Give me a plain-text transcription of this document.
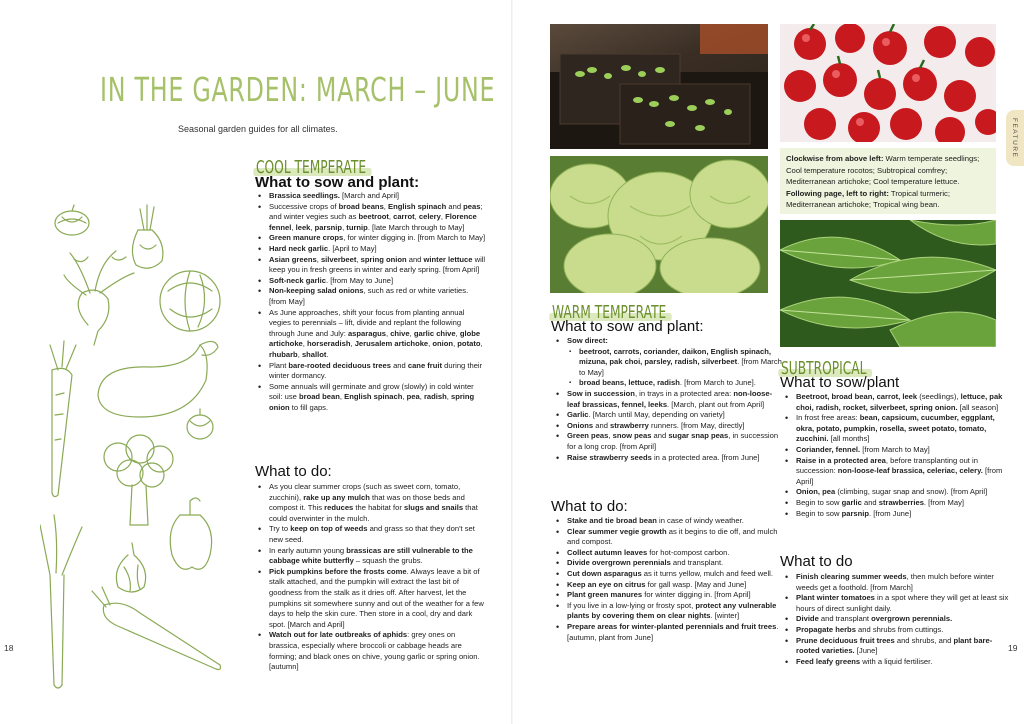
IN THE GARDEN: MARCH – JUNE
Seasonal garden guides for all climates.
COOL TEMPERATE
What to sow and plant:
• Brassica seedlings. [March and April]
• Successive crops of broad beans, English spinach and peas; and winter vegies such as beetroot, carrot, celery, Florence fennel, leek, parsnip, turnip. [late March through to May]
• Green manure crops, for winter digging in. [from March to May]
• Hard neck garlic. [April to May]
• Asian greens, silverbeet, spring onion and winter lettuce will keep you in fresh greens in winter and early spring. [from April]
• Soft-neck garlic. [from May to June]
• Non-keeping salad onions, such as red or white varieties. [from May]
• As June approaches, shift your focus from planting annual vegies to perennials – lift, divide and replant the following through June and July: asparagus, chive, garlic chive, globe artichoke, horseradish, Jerusalem artichoke, onion, potato, rhubarb, shallot.
• Plant bare-rooted deciduous trees and cane fruit during their winter dormancy.
• Some annuals will germinate and grow (slowly) in cold winter soil: use broad bean, English spinach, pea, radish, spring onion to fill gaps.
What to do:
• As you clear summer crops (such as sweet corn, tomato, zucchini), rake up any mulch that was on those beds and compost it. This reduces the habitat for slugs and snails that could overwinter in the mulch.
• Try to keep on top of weeds and grass so that they don't set new seed.
• In early autumn young brassicas are still vulnerable to the cabbage white butterfly – squash the grubs.
• Pick pumpkins before the frosts come. Always leave a bit of stalk attached, and the pumpkin will extract the last bit of goodness from the stalk as it dries off. After harvest, let the pumpkins sit somewhere sunny and out of the weather for a few days to help the skin cure. Then store in a cool, dry and dark spot. [March and April]
• Watch out for late outbreaks of aphids: grey ones on brassica, especially where broccoli or cabbage heads are forming; and black ones on chive, young garlic or spring onion. [autumn]
18
FEATURE
Clockwise from above left: Warm temperate seedlings; Cool temperature rocotos; Subtropical comfrey; Mediterranean artichoke; Cool temperature lettuce.
Following page, left to right: Tropical turmeric; Mediterranean artichoke; Tropical wing bean.
WARM TEMPERATE
What to sow and plant:
• Sow direct:
▪ beetroot, carrots, coriander, daikon, English spinach, mizuna, pak choi, parsley, radish, silverbeet. [from March to May]
▪ broad beans, lettuce, radish. [from March to June].
• Sow in succession, in trays in a protected area: non-loose-leaf brassicas, fennel, leeks. [March, plant out from April]
• Garlic. [March until May, depending on variety]
• Onions and strawberry runners. [from May, directly]
• Green peas, snow peas and sugar snap peas, in succession for a long crop. [from April]
• Raise strawberry seeds in a protected area. [from June]
What to do:
• Stake and tie broad bean in case of windy weather.
• Clear summer vegie growth as it begins to die off, and mulch and compost.
• Collect autumn leaves for hot-compost carbon.
• Divide overgrown perennials and transplant.
• Cut down asparagus as it turns yellow, mulch and feed well.
• Keep an eye on citrus for gall wasp. [May and June]
• Plant green manures for winter digging in. [from April]
• If you live in a low-lying or frosty spot, protect any vulnerable plants by covering them on clear nights. [winter]
• Prepare areas for winter-planted perennials and fruit trees. [autumn, plant from June]
SUBTROPICAL
What to sow/plant
• Beetroot, broad bean, carrot, leek (seedlings), lettuce, pak choi, radish, rocket, silverbeet, spring onion. [all season]
• In frost free areas: bean, capsicum, cucumber, eggplant, okra, potato, pumpkin, rosella, sweet potato, tomato, zucchini. [all months]
• Coriander, fennel. [from March to May]
• Raise in a protected area, before transplanting out in succession: non-loose-leaf brassica, celeriac, celery. [from April]
• Onion, pea (climbing, sugar snap and snow). [from April]
• Begin to sow garlic and strawberries. [from May]
• Begin to sow parsnip. [from June]
What to do
• Finish clearing summer weeds, then mulch before winter weeds get a foothold. [from March]
• Plant winter tomatoes in a spot where they will get at least six hours of direct sunlight daily.
• Divide and transplant overgrown perennials.
• Propagate herbs and shrubs from cuttings.
• Prune deciduous fruit trees and shrubs, and plant bare-rooted varieties. [June]
• Feed leafy greens with a liquid fertiliser.
19
